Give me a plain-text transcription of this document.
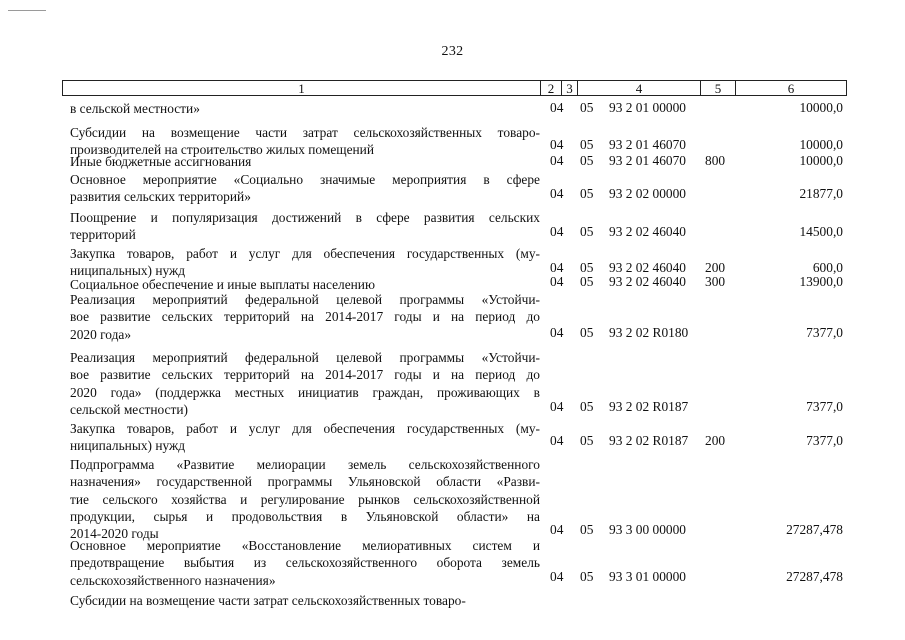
232
1	2 3	4	5	6
в сельской местности»	04 05 93 2 01 00000	10000,0
Субсидии на возмещение части затрат сельскохозяйственных товаро-
производителей на строительство жилых помещений	04 05 93 2 01 46070	10000,0
Иные бюджетные ассигнования	04 05 93 2 01 46070 800	10000,0
Основное мероприятие «Социально значимые мероприятия в сфере
развития сельских территорий»	04 05 93 2 02 00000	21877,0
Поощрение и популяризация достижений в сфере развития сельских
территорий	04 05 93 2 02 46040	14500,0
Закупка товаров, работ и услуг для обеспечения государственных (му-
ниципальных) нужд	04 05 93 2 02 46040 200	600,0
Социальное обеспечение и иные выплаты населению	04 05 93 2 02 46040 300	13900,0
Реализация мероприятий федеральной целевой программы «Устойчи-
вое развитие сельских территорий на 2014-2017 годы и на период до
2020 года»	04 05 93 2 02 R0180	7377,0
Реализация мероприятий федеральной целевой программы «Устойчи-
вое развитие сельских территорий на 2014-2017 годы и на период до
2020 года» (поддержка местных инициатив граждан, проживающих в
сельской местности)	04 05 93 2 02 R0187	7377,0
Закупка товаров, работ и услуг для обеспечения государственных (му-
ниципальных) нужд	04 05 93 2 02 R0187 200	7377,0
Подпрограмма «Развитие мелиорации земель сельскохозяйственного
назначения» государственной программы Ульяновской области «Разви-
тие сельского хозяйства и регулирование рынков сельскохозяйственной
продукции, сырья и продовольствия в Ульяновской области» на
2014-2020 годы	04 05 93 3 00 00000	27287,478
Основное мероприятие «Восстановление мелиоративных систем и
предотвращение выбытия из сельскохозяйственного оборота земель
сельскохозяйственного назначения»	04 05 93 3 01 00000	27287,478
Субсидии на возмещение части затрат сельскохозяйственных товаро-
